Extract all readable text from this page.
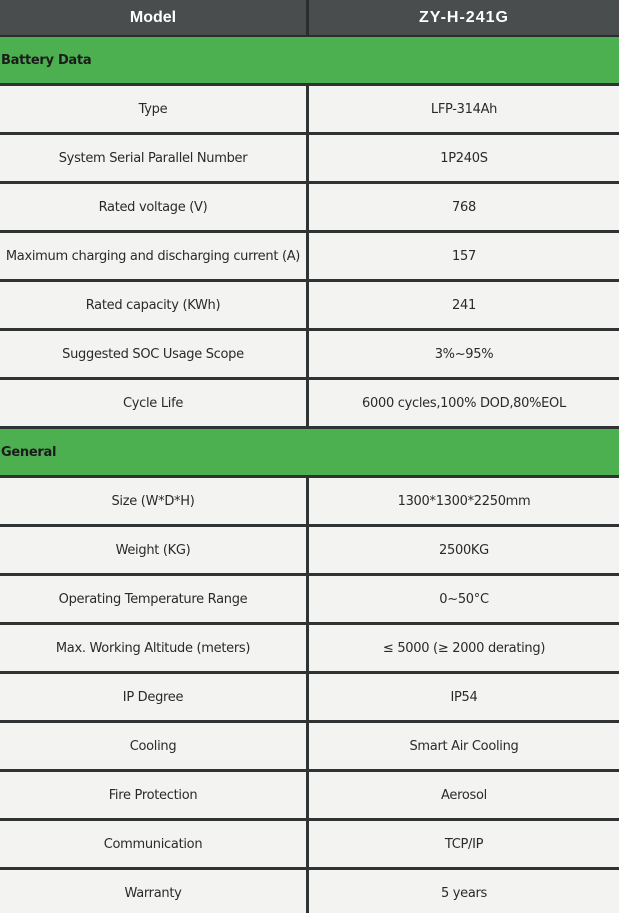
Model	ZY-H-241G
Battery Data
Type	LFP-314Ah
System Serial Parallel Number	1P240S
Rated voltage (V)	768
Maximum charging and discharging current (A)	157
Rated capacity (KWh)	241
Suggested SOC Usage Scope	3%~95%
Cycle Life	6000 cycles,100% DOD,80%EOL
General
Size (W*D*H)	1300*1300*2250mm
Weight (KG)	2500KG
Operating Temperature Range	0~50°C
Max. Working Altitude (meters)	≤ 5000 (≥ 2000 derating)
IP Degree	IP54
Cooling	Smart Air Cooling
Fire Protection	Aerosol
Communication	TCP/IP
Warranty	5 years
